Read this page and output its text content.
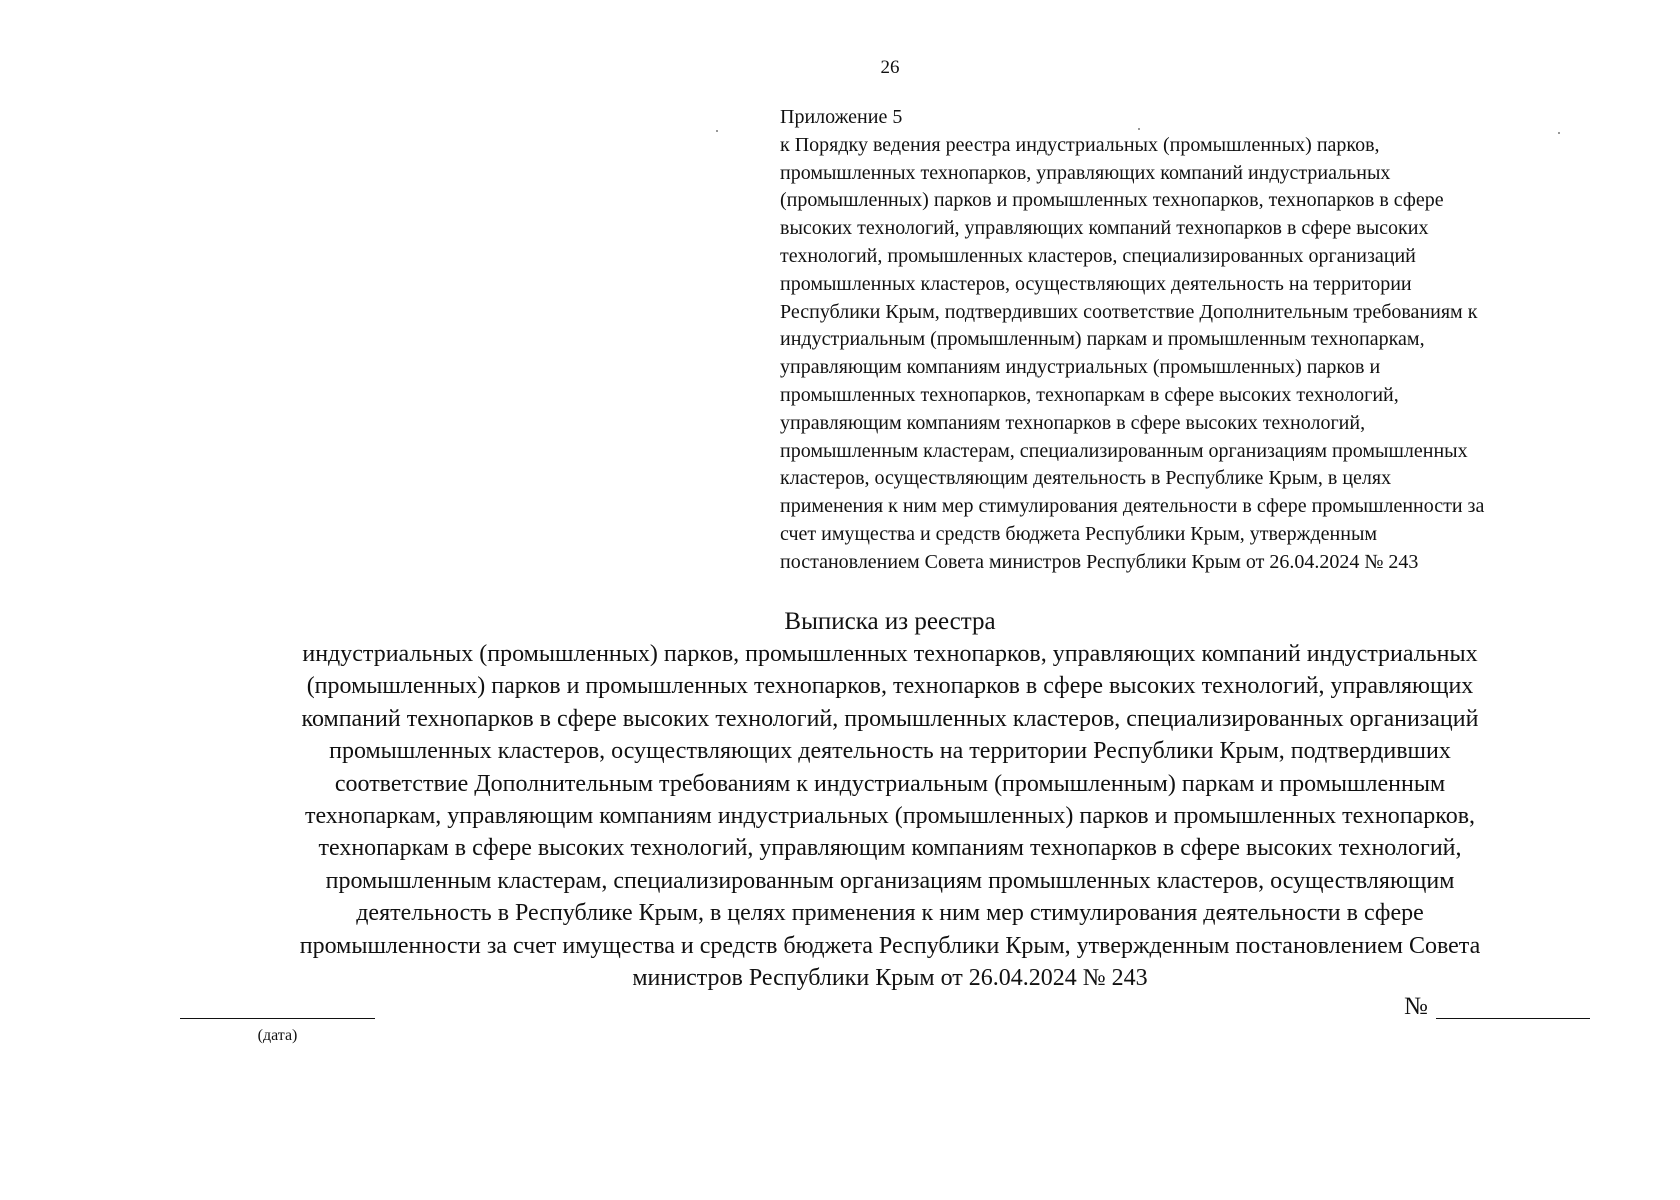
26
Приложение 5
к Порядку ведения реестра индустриальных (промышленных) парков,
промышленных технопарков, управляющих компаний индустриальных
(промышленных) парков и промышленных технопарков, технопарков в сфере
высоких технологий, управляющих компаний технопарков в сфере высоких
технологий, промышленных кластеров, специализированных организаций
промышленных кластеров, осуществляющих деятельность на территории
Республики Крым, подтвердивших соответствие Дополнительным требованиям к
индустриальным (промышленным) паркам и промышленным технопаркам,
управляющим компаниям индустриальных (промышленных) парков и
промышленных технопарков, технопаркам в сфере высоких технологий,
управляющим компаниям технопарков в сфере высоких технологий,
промышленным кластерам, специализированным организациям промышленных
кластеров, осуществляющим деятельность в Республике Крым, в целях
применения к ним мер стимулирования деятельности в сфере промышленности за
счет имущества и средств бюджета Республики Крым, утвержденным
постановлением Совета министров Республики Крым от 26.04.2024 № 243
Выписка из реестра
индустриальных (промышленных) парков, промышленных технопарков, управляющих компаний индустриальных
(промышленных) парков и промышленных технопарков, технопарков в сфере высоких технологий, управляющих
компаний технопарков в сфере высоких технологий, промышленных кластеров, специализированных организаций
промышленных кластеров, осуществляющих деятельность на территории Республики Крым, подтвердивших
соответствие Дополнительным требованиям к индустриальным (промышленным) паркам и промышленным
технопаркам, управляющим компаниям индустриальных (промышленных) парков и промышленных технопарков,
технопаркам в сфере высоких технологий, управляющим компаниям технопарков в сфере высоких технологий,
промышленным кластерам, специализированным организациям промышленных кластеров, осуществляющим
деятельность в Республике Крым, в целях применения к ним мер стимулирования деятельности в сфере
промышленности за счет имущества и средств бюджета Республики Крым, утвержденным постановлением Совета
министров Республики Крым от 26.04.2024 № 243
(дата)
№
